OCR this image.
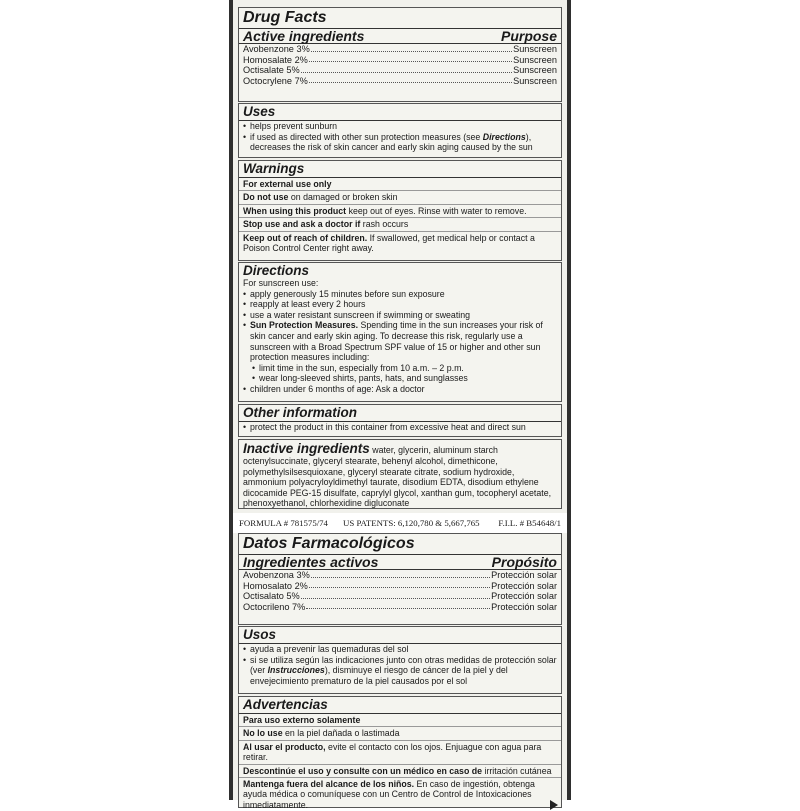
Drug Facts
Active ingredients	Purpose
Avobenzone 3%	Sunscreen
Homosalate 2%	Sunscreen
Octisalate 5%	Sunscreen
Octocrylene 7%	Sunscreen
Uses
• helps prevent sunburn
• if used as directed with other sun protection measures (see Directions), decreases the risk of skin cancer and early skin aging caused by the sun
Warnings
For external use only
Do not use on damaged or broken skin
When using this product keep out of eyes. Rinse with water to remove.
Stop use and ask a doctor if rash occurs
Keep out of reach of children. If swallowed, get medical help or contact a Poison Control Center right away.
Directions
For sunscreen use:
• apply generously 15 minutes before sun exposure
• reapply at least every 2 hours
• use a water resistant sunscreen if swimming or sweating
• Sun Protection Measures. Spending time in the sun increases your risk of skin cancer and early skin aging. To decrease this risk, regularly use a sunscreen with a Broad Spectrum SPF value of 15 or higher and other sun protection measures including:
• limit time in the sun, especially from 10 a.m. – 2 p.m.
• wear long-sleeved shirts, pants, hats, and sunglasses
• children under 6 months of age: Ask a doctor
Other information
• protect the product in this container from excessive heat and direct sun
Inactive ingredients water, glycerin, aluminum starch octenylsuccinate, glyceryl stearate, behenyl alcohol, dimethicone, polymethylsilsesquioxane, glyceryl stearate citrate, sodium hydroxide, ammonium polyacryloyldimethyl taurate, disodium EDTA, disodium ethylene dicocamide PEG-15 disulfate, caprylyl glycol, xanthan gum, tocopheryl acetate, phenoxyethanol, chlorhexidine digluconate
FORMULA # 781575/74 US PATENTS: 6,120,780 & 5,667,765 F.I.L. # B54648/1
Datos Farmacológicos
Ingredientes activos	Propósito
Avobenzona 3%	Protección solar
Homosalato 2%	Protección solar
Octisalato 5%	Protección solar
Octocrileno 7%	Protección solar
Usos
• ayuda a prevenir las quemaduras del sol
• si se utiliza según las indicaciones junto con otras medidas de protección solar (ver Instrucciones), disminuye el riesgo de cáncer de la piel y del envejecimiento prematuro de la piel causados por el sol
Advertencias
Para uso externo solamente
No lo use en la piel dañada o lastimada
Al usar el producto, evite el contacto con los ojos. Enjuague con agua para retirar.
Descontinúe el uso y consulte con un médico en caso de irritación cutánea
Mantenga fuera del alcance de los niños. En caso de ingestión, obtenga ayuda médica o comuníquese con un Centro de Control de Intoxicaciones inmediatamente.
